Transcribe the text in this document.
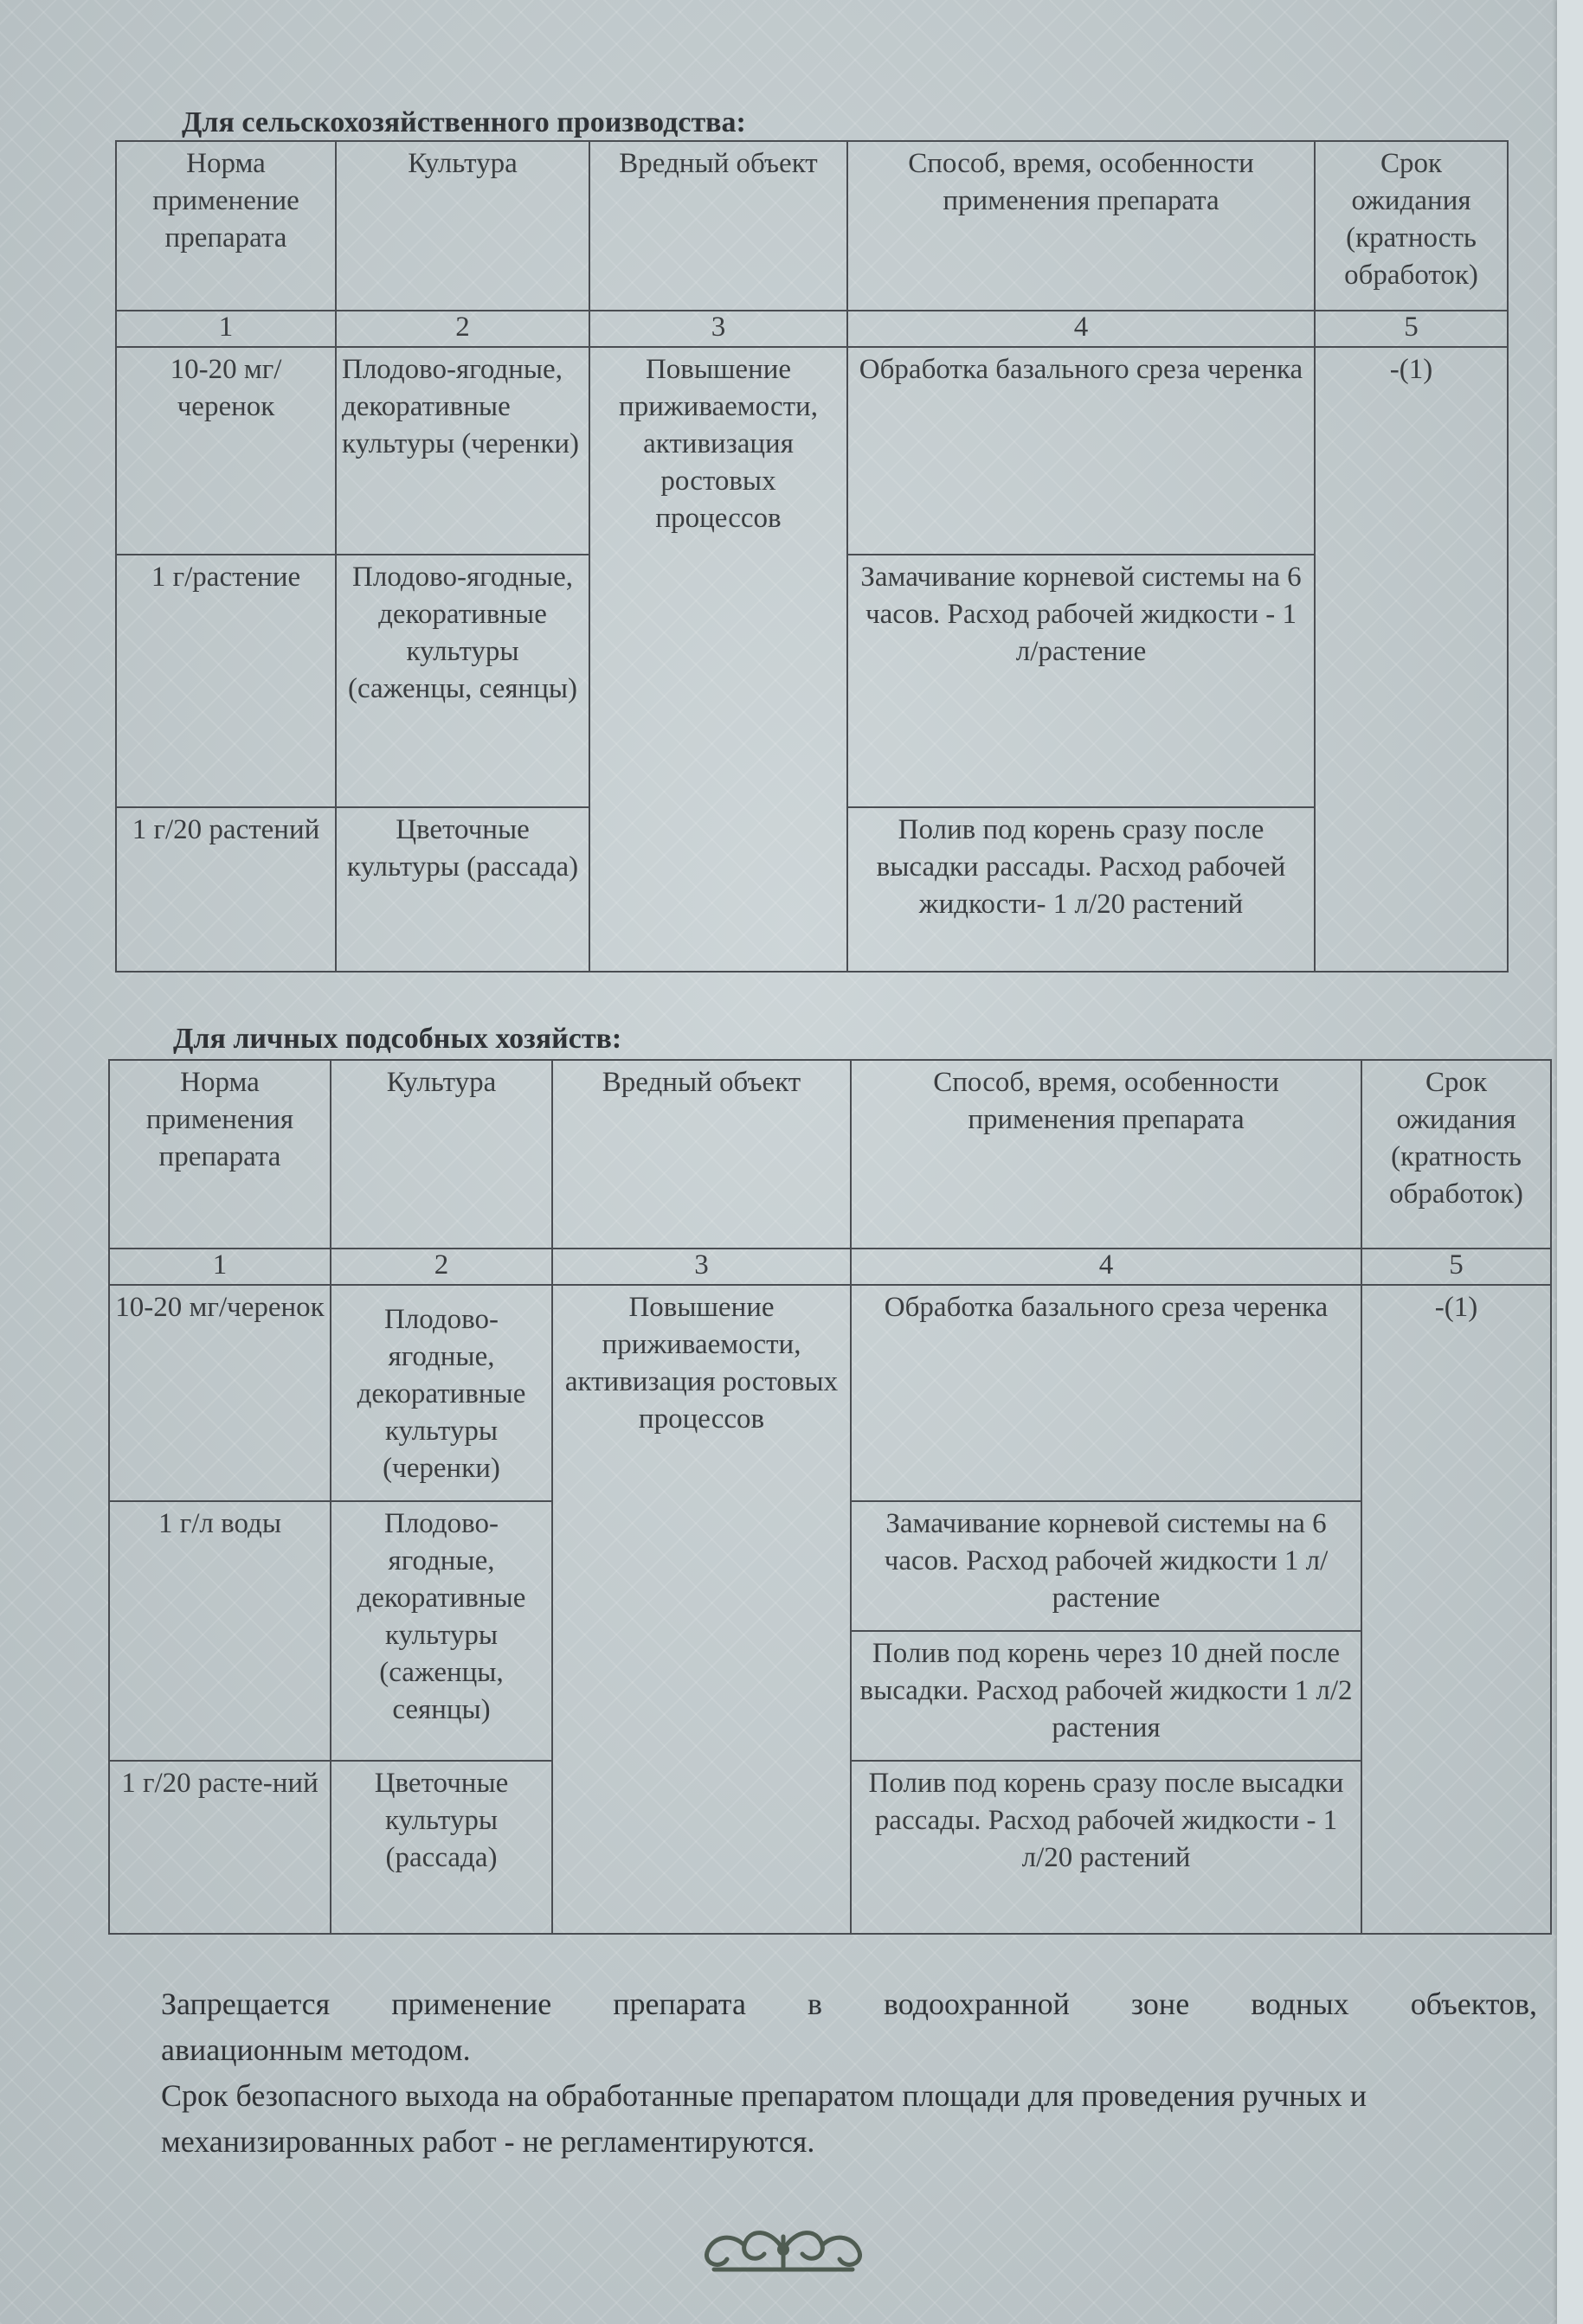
Для сельскохозяйственного производства:
Норма применение препарата	Культура	Вредный объект	Способ, время, особенности применения препарата	Срок ожидания (кратность обработок)
1	2	3	4	5
10-20 мг/черенок	Плодово-ягодные, декоративные культуры (черенки)	Повышение приживаемости, активизация ростовых процессов	Обработка базального среза черенка	-(1)
1 г/растение	Плодово-ягодные, декоративные культуры (саженцы, сеянцы)		Замачивание корневой системы на 6 часов. Расход рабочей жидкости - 1 л/растение	
1 г/20 растений	Цветочные культуры (рассада)		Полив под корень сразу после высадки рассады. Расход рабочей жидкости- 1 л/20 растений	
Для личных подсобных хозяйств:
Норма применения препарата	Культура	Вредный объект	Способ, время, особенности применения препарата	Срок ожидания (кратность обработок)
1	2	3	4	5
10-20 мг/черенок	Плодово-ягодные, декоративные культуры (черенки)	Повышение приживаемости, активизация ростовых процессов	Обработка базального среза черенка	-(1)
1 г/л воды	Плодово-ягодные, декоративные культуры (саженцы, сеянцы)		Замачивание корневой системы на 6 часов. Расход рабочей жидкости 1 л/растение	
			Полив под корень через 10 дней после высадки. Расход рабочей жидкости 1 л/2 растения	
1 г/20 расте-ний	Цветочные культуры (рассада)		Полив под корень сразу после высадки рассады. Расход рабочей жидкости - 1 л/20 растений	

Запрещается применение препарата в водоохранной зоне водных объектов,

авиационным методом.

Срок безопасного выхода на обработанные препаратом площади для проведения ручных и механизированных работ - не регламентируются.
